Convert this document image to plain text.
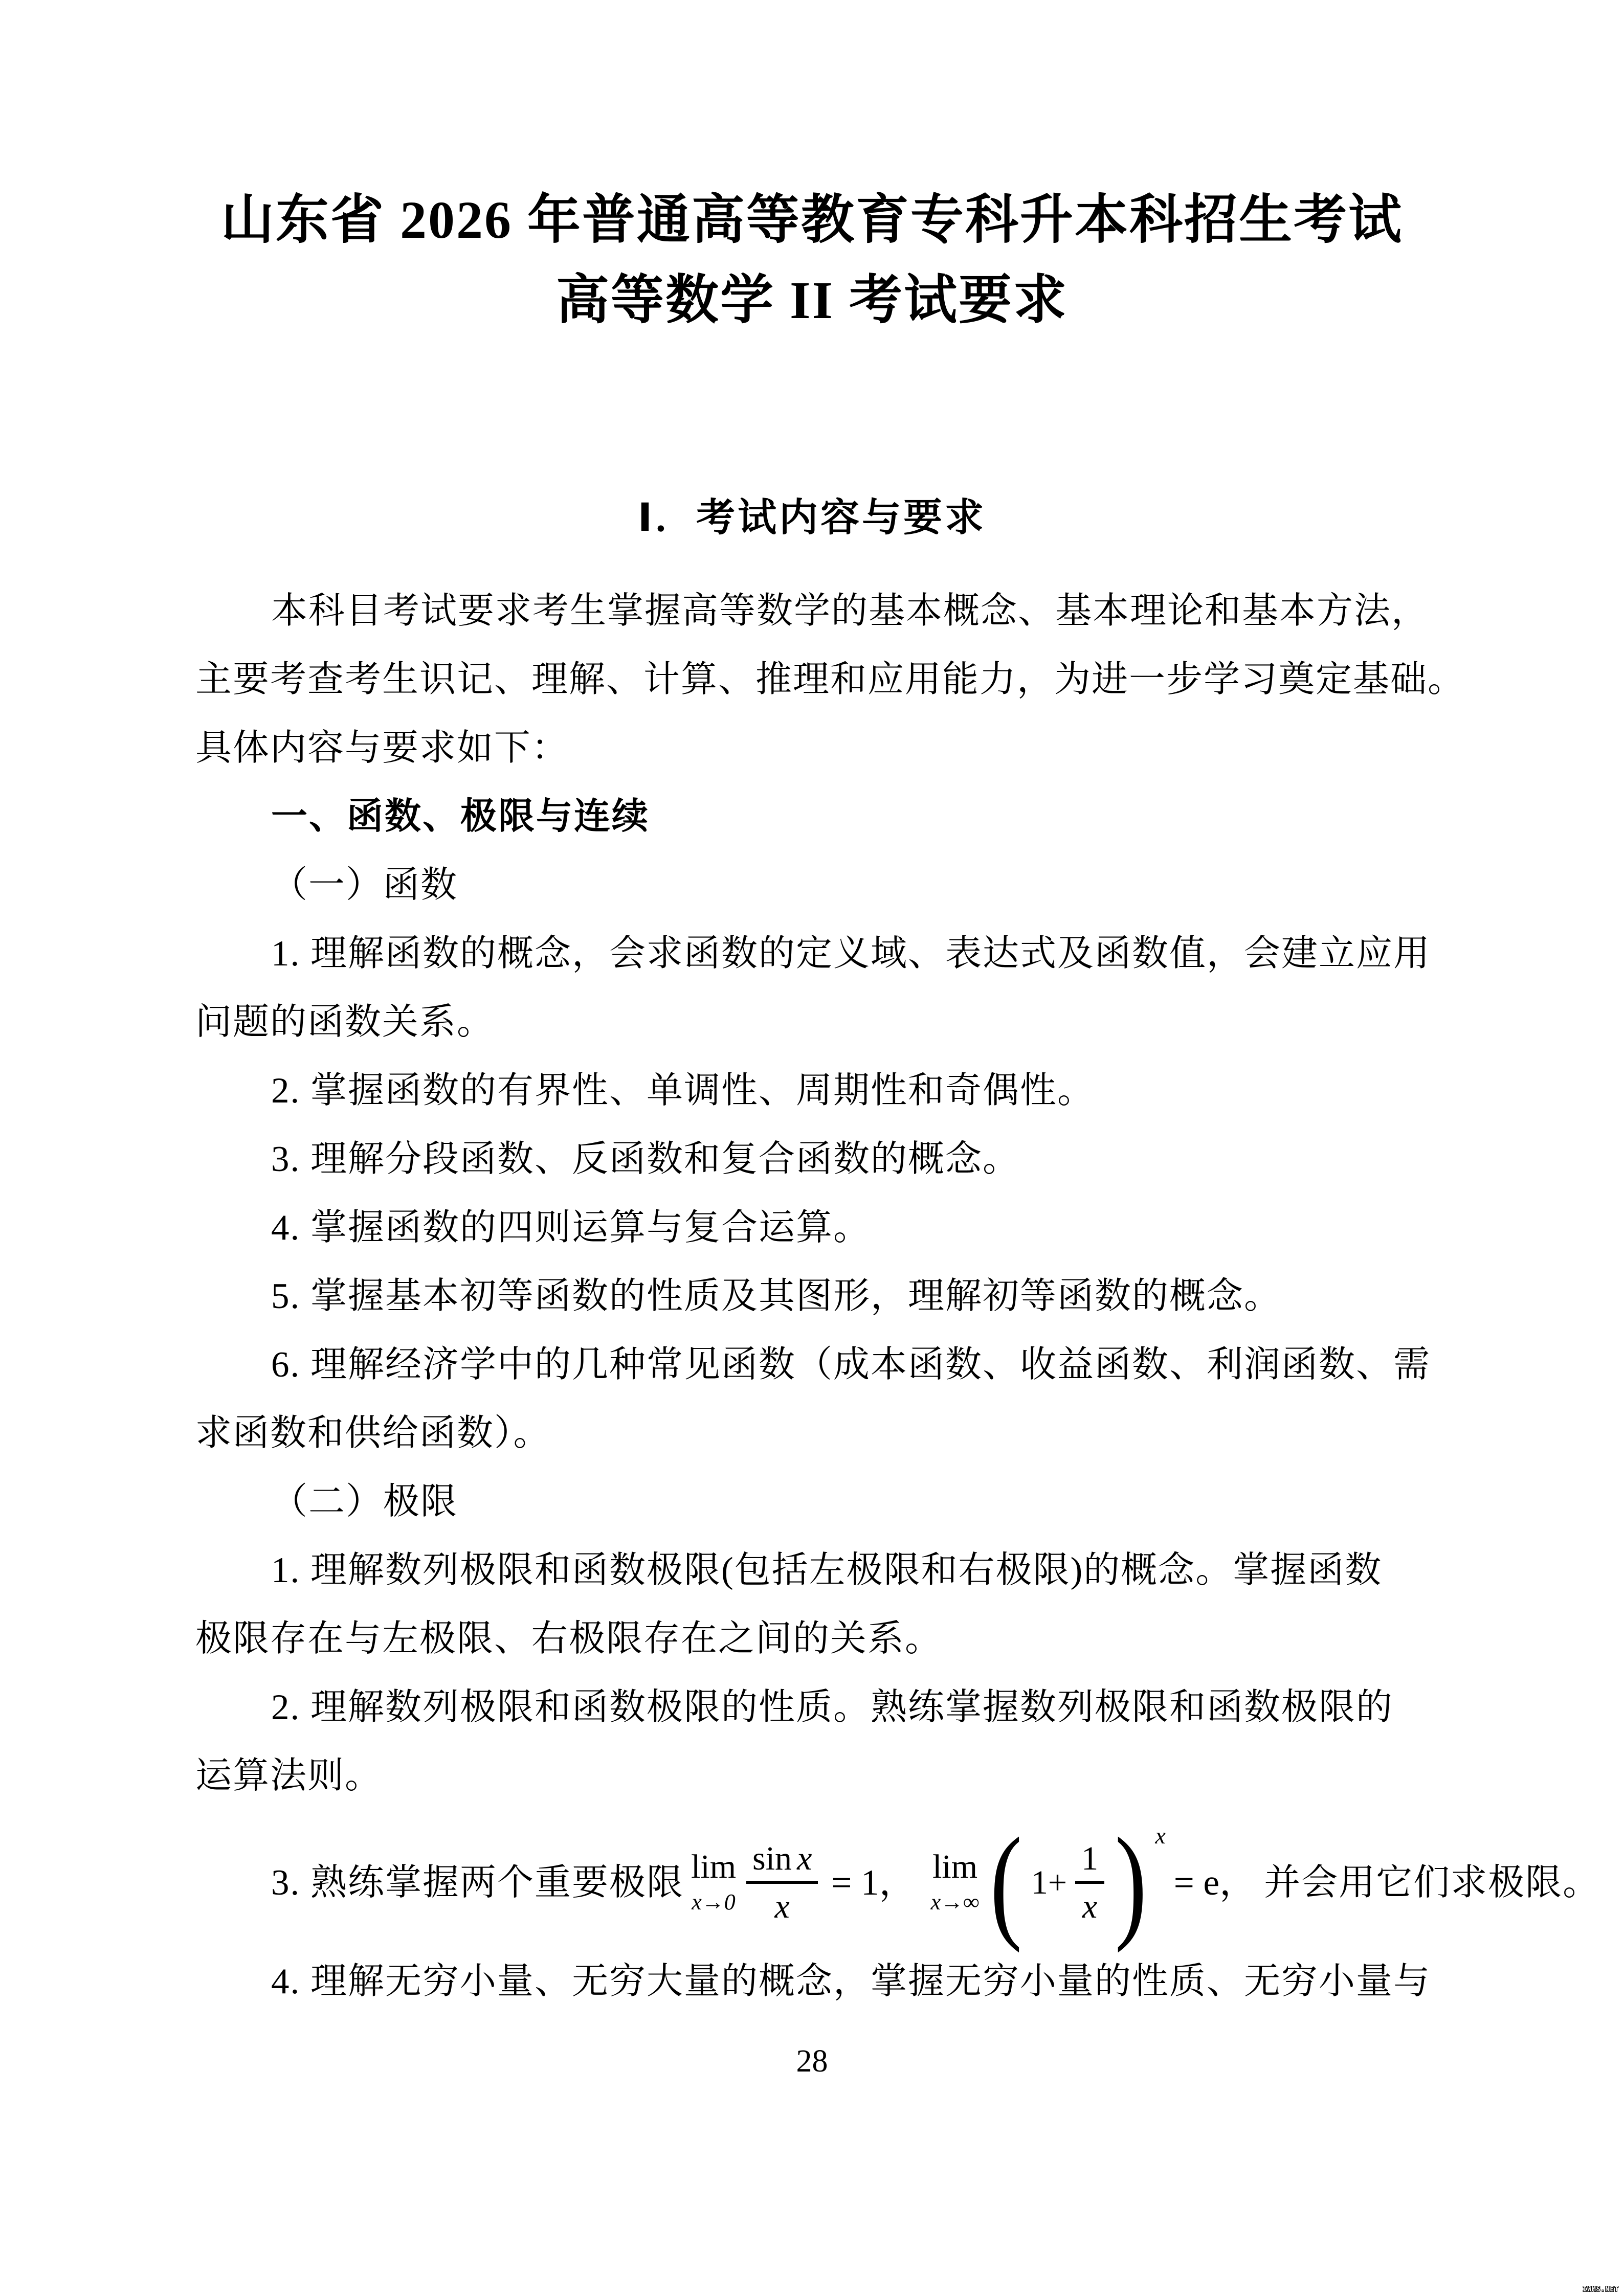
山东省 2026 年普通高等教育专科升本科招生考试
高等数学 II 考试要求
Ⅰ．考试内容与要求
本科目考试要求考生掌握高等数学的基本概念、基本理论和基本方法，
主要考查考生识记、理解、计算、推理和应用能力，为进一步学习奠定基础。
具体内容与要求如下：
一、函数、极限与连续
（一）函数
1. 理解函数的概念，会求函数的定义域、表达式及函数值，会建立应用
问题的函数关系。
2. 掌握函数的有界性、单调性、周期性和奇偶性。
3. 理解分段函数、反函数和复合函数的概念。
4. 掌握函数的四则运算与复合运算。
5. 掌握基本初等函数的性质及其图形，理解初等函数的概念。
6. 理解经济学中的几种常见函数（成本函数、收益函数、利润函数、需
求函数和供给函数）。
（二）极限
1. 理解数列极限和函数极限(包括左极限和右极限)的概念。掌握函数
极限存在与左极限、右极限存在之间的关系。
2. 理解数列极限和函数极限的性质。熟练掌握数列极限和函数极限的
运算法则。
3. 熟练掌握两个重要极限 lim
$x\to 0 \frac{\text{sin x}}{x} = 1$， lim
x→∞ ( $1+ \frac{1}{x}$ ) x
= e， 并会用它们求极限。
4. 理解无穷小量、无穷大量的概念，掌握无穷小量的性质、无穷小量与
28
IWMS.NET
